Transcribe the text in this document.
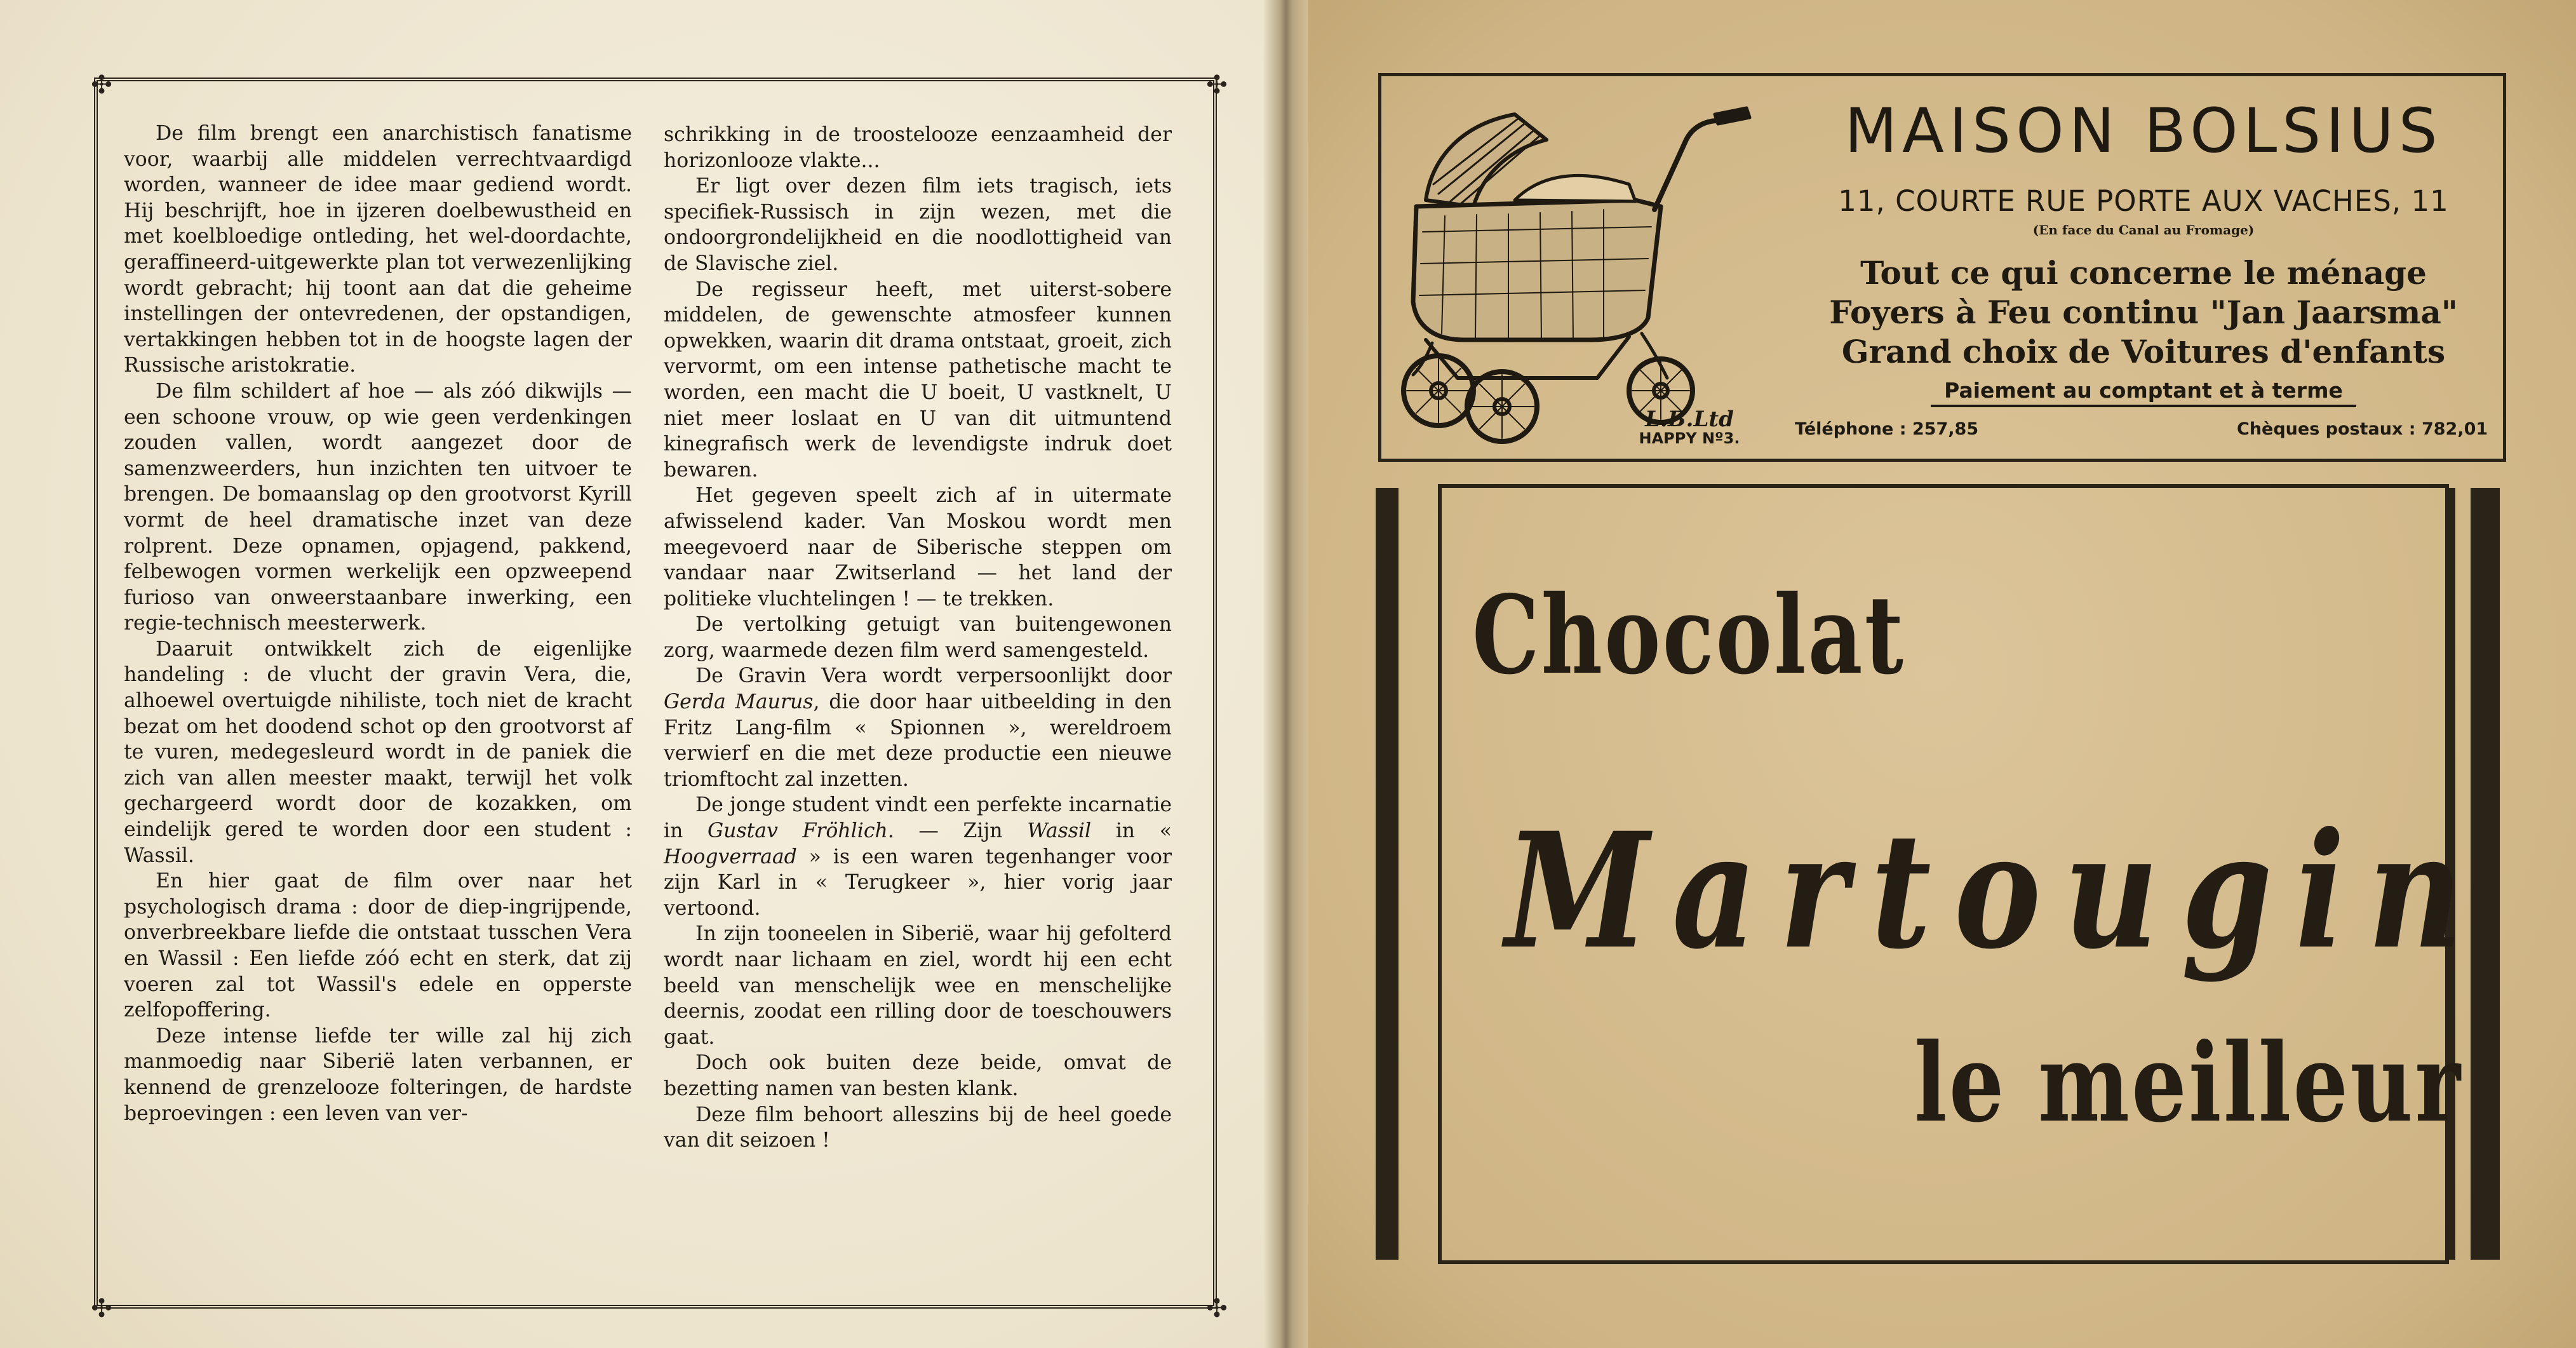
✣	✣
✣	✣

De film brengt een anarchistisch fanatisme voor, waarbij alle middelen verrechtvaardigd worden, wanneer de idee maar gediend wordt. Hij beschrijft, hoe in ijzeren doelbewustheid en met koelbloedige ontleding, het wel-doordachte, geraffineerd-uitgewerkte plan tot verwezenlijking wordt gebracht; hij toont aan dat die geheime instellingen der ontevredenen, der opstandigen, vertakkingen hebben tot in de hoogste lagen der Russische aristokratie.

De film schildert af hoe — als zóó dikwijls — een schoone vrouw, op wie geen verdenkingen zouden vallen, wordt aangezet door de samenzweerders, hun inzichten ten uitvoer te brengen. De bomaanslag op den grootvorst Kyrill vormt de heel dramatische inzet van deze rolprent. Deze opnamen, opjagend, pakkend, felbewogen vormen werkelijk een opzweepend furioso van onweerstaanbare inwerking, een regie-technisch meesterwerk.

Daaruit ontwikkelt zich de eigenlijke handeling : de vlucht der gravin Vera, die, alhoewel overtuigde nihiliste, toch niet de kracht bezat om het doodend schot op den grootvorst af te vuren, medegesleurd wordt in de paniek die zich van allen meester maakt, terwijl het volk gechargeerd wordt door de kozakken, om eindelijk gered te worden door een student : Wassil.

En hier gaat de film over naar het psychologisch drama : door de diep-ingrijpende, onverbreekbare liefde die ontstaat tusschen Vera en Wassil : Een liefde zóó echt en sterk, dat zij voeren zal tot Wassil's edele en opperste zelfopoffering.

Deze intense liefde ter wille zal hij zich manmoedig naar Siberië laten verbannen, er kennend de grenzelooze folteringen, de hardste beproevingen : een leven van ver-

schrikking in de troostelooze eenzaamheid der horizonlooze vlakte...

Er ligt over dezen film iets tragisch, iets specifiek-Russisch in zijn wezen, met die ondoorgrondelijkheid en die noodlottigheid van de Slavische ziel.

De regisseur heeft, met uiterst-sobere middelen, de gewenschte atmosfeer kunnen opwekken, waarin dit drama ontstaat, groeit, zich vervormt, om een intense pathetische macht te worden, een macht die U boeit, U vastknelt, U niet meer loslaat en U van dit uitmuntend kinegrafisch werk de levendigste indruk doet bewaren.

Het gegeven speelt zich af in uitermate afwisselend kader. Van Moskou wordt men meegevoerd naar de Siberische steppen om vandaar naar Zwitserland — het land der politieke vluchtelingen ! — te trekken.

De vertolking getuigt van buitengewonen zorg, waarmede dezen film werd samengesteld.

De Gravin Vera wordt verpersoonlijkt door Gerda Maurus, die door haar uitbeelding in den Fritz Lang-film « Spionnen », wereldroem verwierf en die met deze productie een nieuwe triomftocht zal inzetten.

De jonge student vindt een perfekte incarnatie in Gustav Fröhlich. — Zijn Wassil in « Hoogverraad » is een waren tegenhanger voor zijn Karl in « Terugkeer », hier vorig jaar vertoond.

In zijn tooneelen in Siberië, waar hij gefolterd wordt naar lichaam en ziel, wordt hij een echt beeld van menschelijk wee en menschelijke deernis, zoodat een rilling door de toeschouwers gaat.

Doch ook buiten deze beide, omvat de bezetting namen van besten klank.

Deze film behoort alleszins bij de heel goede van dit seizoen !

L.B.Ltd
HAPPY Nº3.
MAISON BOLSIUS
11, COURTE RUE PORTE AUX VACHES, 11
(En face du Canal au Fromage)
Tout ce qui concerne le ménage
Foyers à Feu continu "Jan Jaarsma"
Grand choix de Voitures d'enfants
Paiement au comptant et à terme
Téléphone : 257,85	Chèques postaux : 782,01
Chocolat
Martougin
le meilleur
